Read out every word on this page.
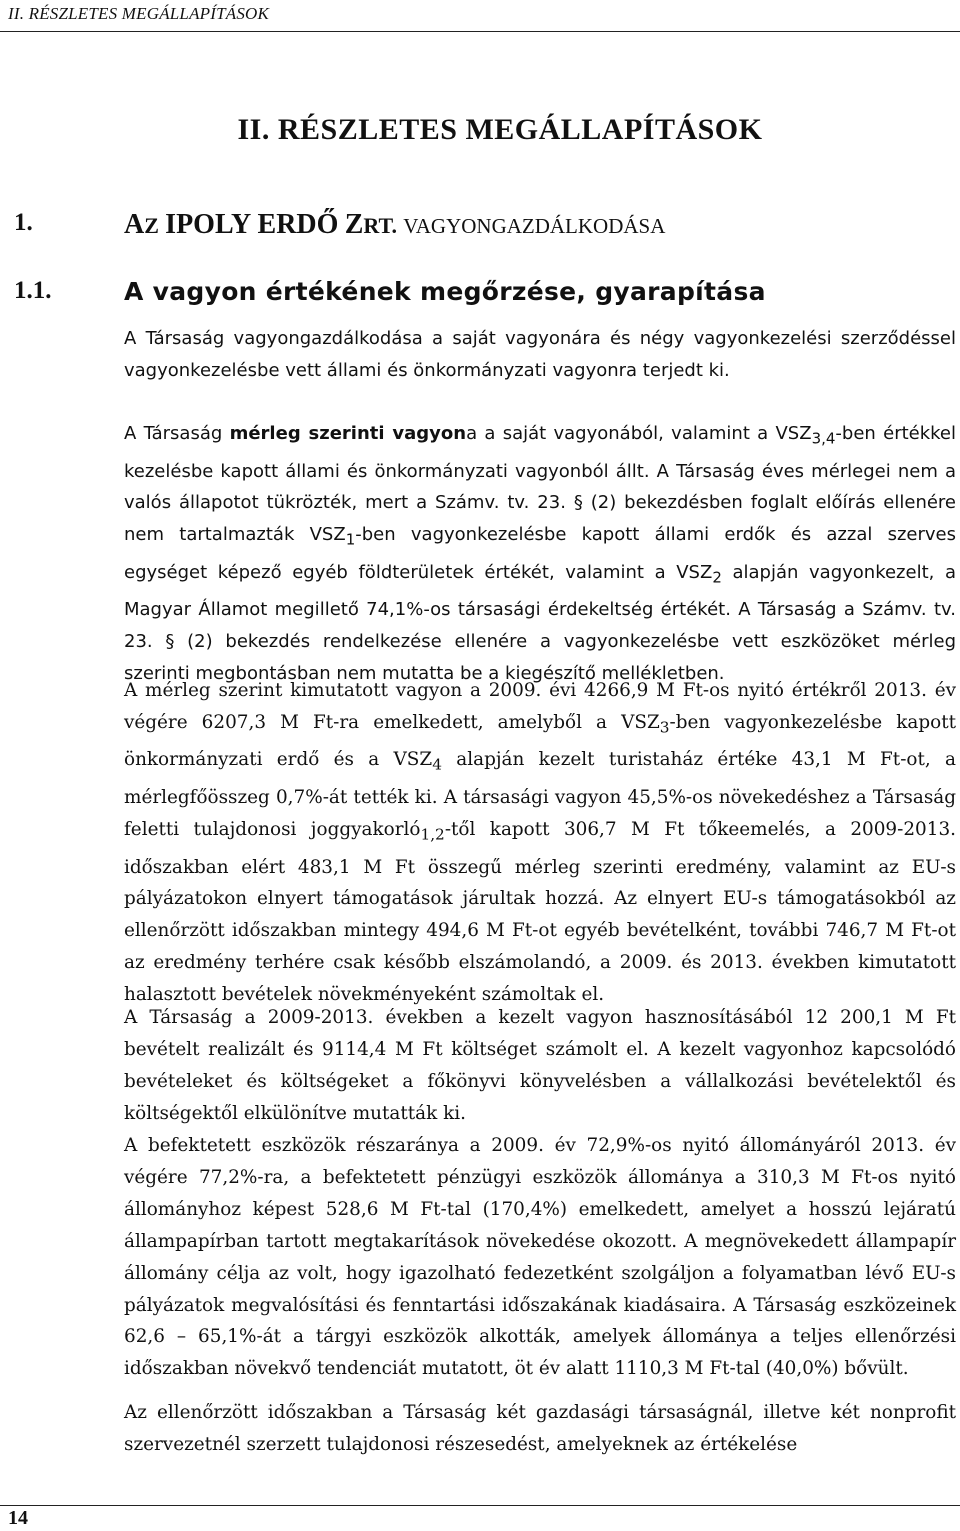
II. RÉSZLETES MEGÁLLAPÍTÁSOK
II. RÉSZLETES MEGÁLLAPÍTÁSOK
1.	AZ IPOLY ERDŐ ZRT. VAGYONGAZDÁLKODÁSA
1.1.	A vagyon értékének megőrzése, gyarapítása

A Társaság vagyongazdálkodása a saját vagyonára és négy vagyonkezelési szerződéssel vagyonkezelésbe vett állami és önkormányzati vagyonra terjedt ki.

A Társaság mérleg szerinti vagyona a saját vagyonából, valamint a $VSZ_{3,4}$-ben értékkel kezelésbe kapott állami és önkormányzati vagyonból állt. A Társaság éves mérlegei nem a valós állapotot tükrözték, mert a Számv. tv. 23. § (2) bekezdésben foglalt előírás ellenére nem tartalmazták $VSZ_1$-ben vagyonkezelésbe kapott állami erdők és azzal szerves egységet képező egyéb földterületek értékét, valamint a $VSZ_2$ alapján vagyonkezelt, a Magyar Államot megillető 74,1%-os társasági érdekeltség értékét. A Társaság a Számv. tv. 23. § (2) bekezdés rendelkezése ellenére a vagyonkezelésbe vett eszközöket mérleg szerinti megbontásban nem mutatta be a kiegészítő mellékletben.

A mérleg szerint kimutatott vagyon a 2009. évi 4266,9 M Ft-os nyitó értékről 2013. év végére 6207,3 M Ft-ra emelkedett, amelyből a $VSZ_3$-ben vagyonkezelésbe kapott önkormányzati erdő és a $VSZ_4$ alapján kezelt turistaház értéke 43,1 M Ft-ot, a mérlegfőösszeg 0,7%-át tették ki. A társasági vagyon 45,5%-os növekedéshez a Társaság feletti tulajdonosi joggyakorló$_{1,2}$-től kapott 306,7 M Ft tőkeemelés, a 2009-2013. időszakban elért 483,1 M Ft összegű mérleg szerinti eredmény, valamint az EU-s pályázatokon elnyert támogatások járultak hozzá. Az elnyert EU-s támogatásokból az ellenőrzött időszakban mintegy 494,6 M Ft-ot egyéb bevételként, további 746,7 M Ft-ot az eredmény terhére csak később elszámolandó, a 2009. és 2013. években kimutatott halasztott bevételek növekményeként számoltak el.

A Társaság a 2009-2013. években a kezelt vagyon hasznosításából 12 200,1 M Ft bevételt realizált és 9114,4 M Ft költséget számolt el. A kezelt vagyonhoz kapcsolódó bevételeket és költségeket a főkönyvi könyvelésben a vállalkozási bevételektől és költségektől elkülönítve mutatták ki.

A befektetett eszközök részaránya a 2009. év 72,9%-os nyitó állományáról 2013. év végére 77,2%-ra, a befektetett pénzügyi eszközök állománya a 310,3 M Ft-os nyitó állományhoz képest 528,6 M Ft-tal (170,4%) emelkedett, amelyet a hosszú lejáratú állampapírban tartott megtakarítások növekedése okozott. A megnövekedett állampapír állomány célja az volt, hogy igazolható fedezetként szolgáljon a folyamatban lévő EU-s pályázatok megvalósítási és fenntartási időszakának kiadásaira. A Társaság eszközeinek 62,6 – 65,1%-át a tárgyi eszközök alkották, amelyek állománya a teljes ellenőrzési időszakban növekvő tendenciát mutatott, öt év alatt 1110,3 M Ft-tal (40,0%) bővült.

Az ellenőrzött időszakban a Társaság két gazdasági társaságnál, illetve két nonprofit szervezetnél szerzett tulajdonosi részesedést, amelyeknek az értékelése

14
